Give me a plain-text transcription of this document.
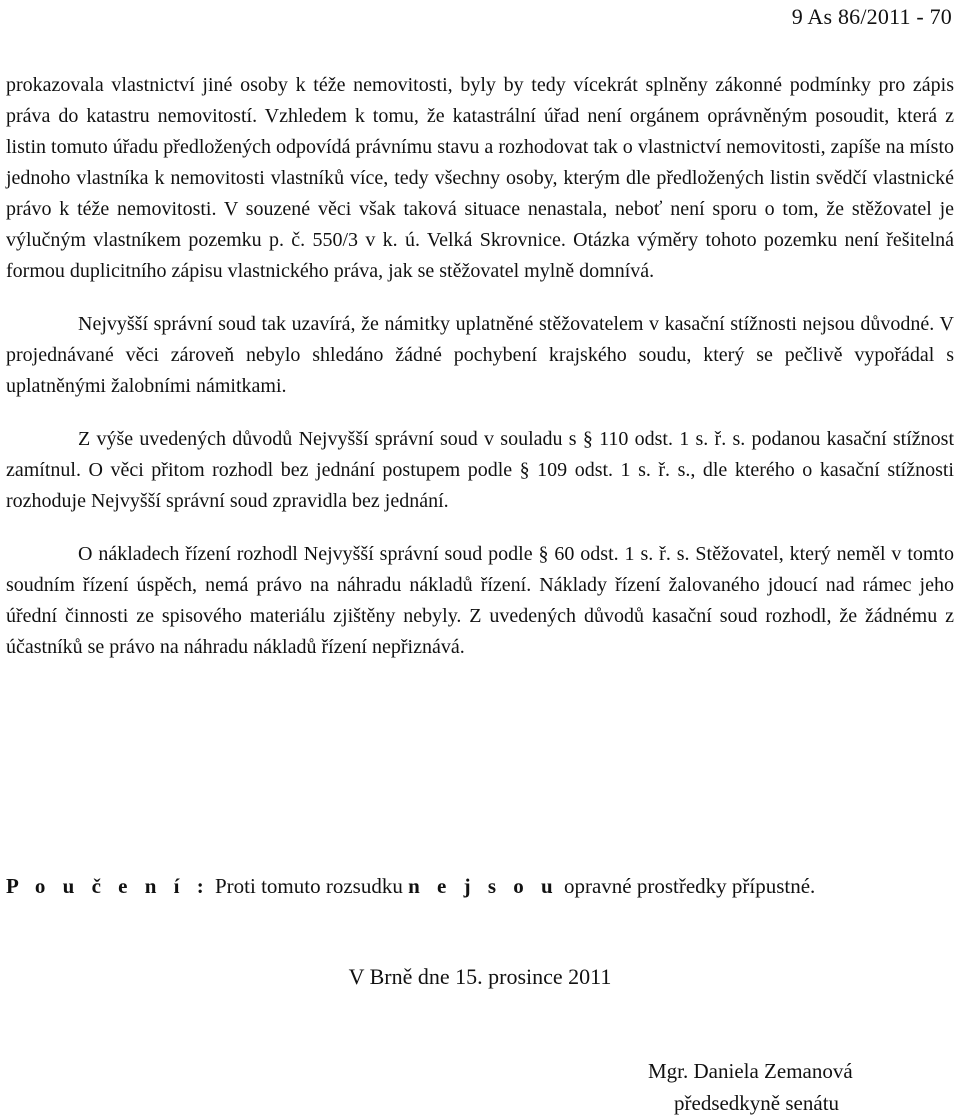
9 As 86/2011 - 70

prokazovala vlastnictví jiné osoby k téže nemovitosti, byly by tedy vícekrát splněny zákonné podmínky pro zápis práva do katastru nemovitostí. Vzhledem k tomu, že katastrální úřad není orgánem oprávněným posoudit, která z listin tomuto úřadu předložených odpovídá právnímu stavu a rozhodovat tak o vlastnictví nemovitosti, zapíše na místo jednoho vlastníka k nemovitosti vlastníků více, tedy všechny osoby, kterým dle předložených listin svědčí vlastnické právo k téže nemovitosti. V souzené věci však taková situace nenastala, neboť není sporu o tom, že stěžovatel je výlučným vlastníkem pozemku p. č. 550/3 v k. ú. Velká Skrovnice. Otázka výměry tohoto pozemku není řešitelná formou duplicitního zápisu vlastnického práva, jak se stěžovatel mylně domnívá.

Nejvyšší správní soud tak uzavírá, že námitky uplatněné stěžovatelem v kasační stížnosti nejsou důvodné. V projednávané věci zároveň nebylo shledáno žádné pochybení krajského soudu, který se pečlivě vypořádal s uplatněnými žalobními námitkami.

Z výše uvedených důvodů Nejvyšší správní soud v souladu s § 110 odst. 1 s. ř. s. podanou kasační stížnost zamítnul. O věci přitom rozhodl bez jednání postupem podle § 109 odst. 1 s. ř. s., dle kterého o kasační stížnosti rozhoduje Nejvyšší správní soud zpravidla bez jednání.

O nákladech řízení rozhodl Nejvyšší správní soud podle § 60 odst. 1 s. ř. s. Stěžovatel, který neměl v tomto soudním řízení úspěch, nemá právo na náhradu nákladů řízení. Náklady řízení žalovaného jdoucí nad rámec jeho úřední činnosti ze spisového materiálu zjištěny nebyly. Z uvedených důvodů kasační soud rozhodl, že žádnému z účastníků se právo na náhradu nákladů řízení nepřiznává.

P o u č e n í : Proti tomuto rozsudku n e j s o u opravné prostředky přípustné.
V Brně dne 15. prosince 2011
Mgr. Daniela Zemanová
předsedkyně senátu
